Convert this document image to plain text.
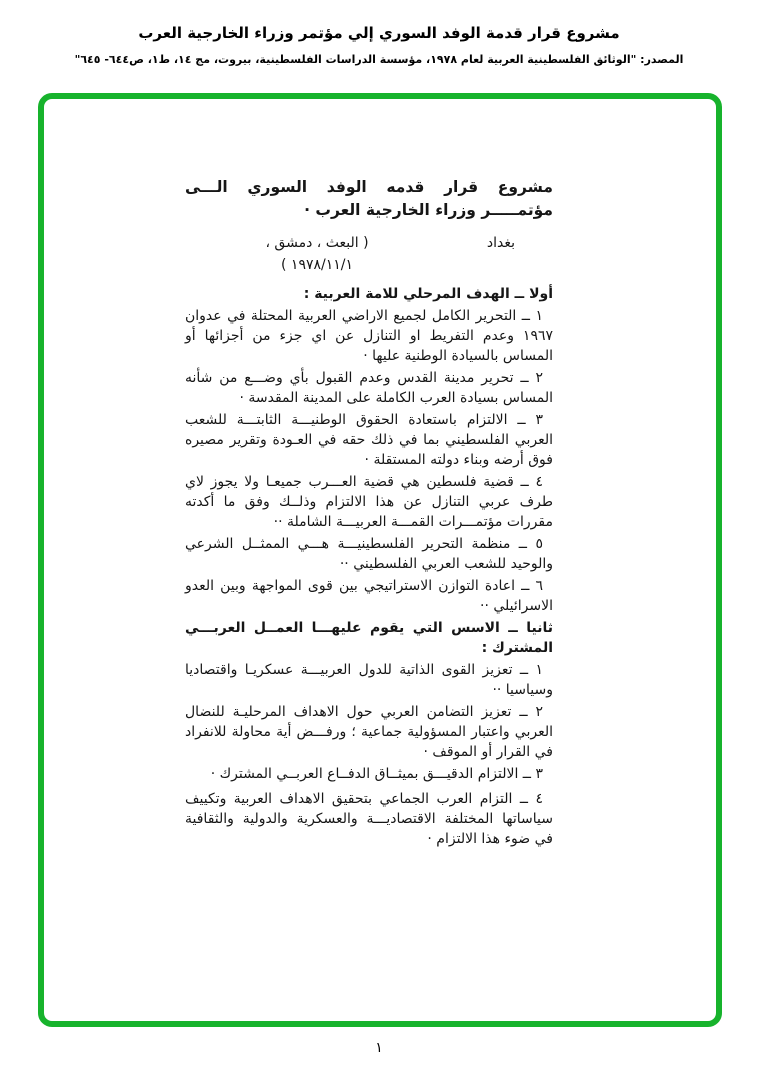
مشروع قرار قدمة الوفد السوري إلي مؤتمر وزراء الخارجية العرب
المصدر: "الوثائق الفلسطينية العربية لعام ١٩٧٨، مؤسسة الدراسات الفلسطينية، بيروت، مج ١٤، ط١، ص٦٤٤- ٦٤٥"

مشروع قرار قدمه الوفد السوري الـــى مؤتمـــــر وزراء الخارجية العرب ·

بغداد
( البعث ، دمشق ،
١٩٧٨/١١/١ )

أولا ــ الهدف المرحلي للامة العربية :

١ ــ التحرير الكامل لجميع الاراضي العربية المحتلة في عدوان ١٩٦٧ وعدم التفريط او التنازل عن اي جزء من أجزائها أو المساس بالسيادة الوطنية عليها ·

٢ ــ تحرير مدينة القدس وعدم القبول بأي وضـــع من شأنه المساس بسيادة العرب الكاملة على المدينة المقدسة ·

٣ ــ الالتزام باستعادة الحقوق الوطنيـــة الثابتـــة للشعب العربي الفلسطيني بما في ذلك حقه في العـودة وتقرير مصيره فوق أرضه وبناء دولته المستقلة ·

٤ ــ قضية فلسطين هي قضية العـــرب جميعـا ولا يجوز لاي طرف عربي التنازل عن هذا الالتزام وذلــك وفق ما أكدته مقررات مؤتمـــرات القمـــة العربيـــة الشاملة ··

٥ ــ منظمة التحرير الفلسطينيـــة هـــي الممثــل الشرعي والوحيد للشعب العربي الفلسطيني ··

٦ ــ اعادة التوازن الاستراتيجي بين قوى المواجهة وبين العدو الاسرائيلي ··

ثانيا ــ الاسس التي يقوم عليهـــا العمــل العربـــي المشترك :

١ ــ تعزيز القوى الذاتية للدول العربيـــة عسكريـا واقتصاديا وسياسيا ··

٢ ــ تعزيز التضامن العربي حول الاهداف المرحليـة للنضال العربي واعتبار المسؤولية جماعية ؛ ورفـــض أية محاولة للانفراد في القرار أو الموقف ·

٣ ــ الالتزام الدقيـــق بميثــاق الدفــاع العربــي المشترك ·

٤ ــ التزام العرب الجماعي بتحقيق الاهداف العربية وتكييف سياساتها المختلفة الاقتصاديـــة والعسكرية والدولية والثقافية في ضوء هذا الالتزام ·

١
